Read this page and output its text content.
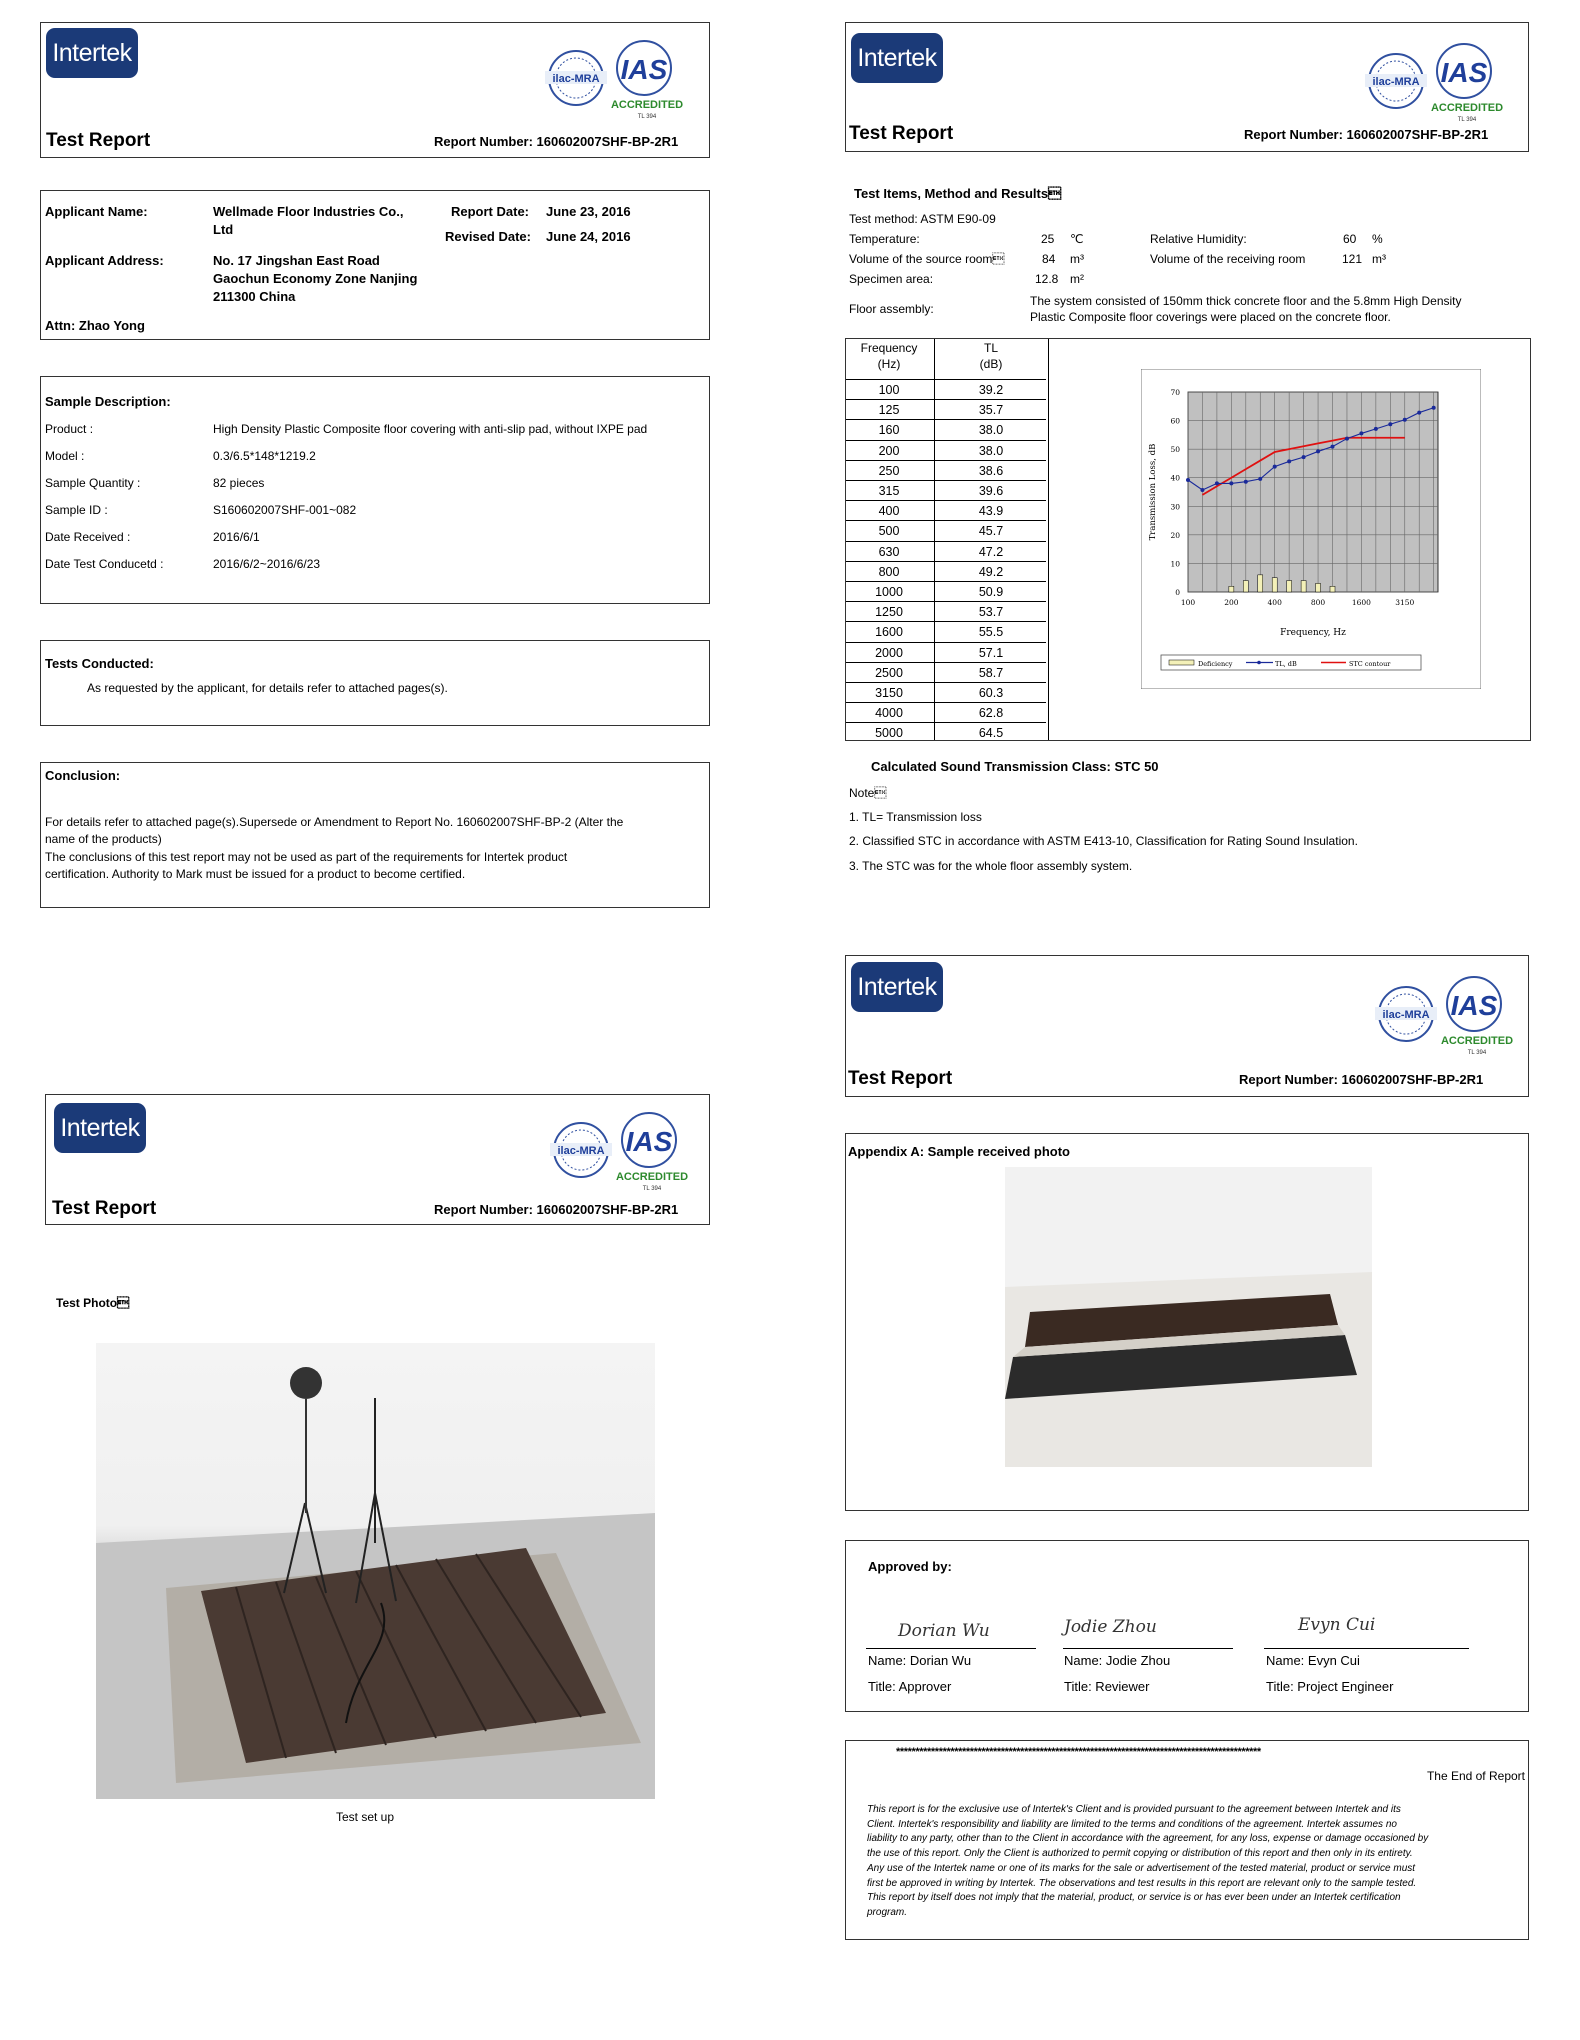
Intertek
ilac-MRA IAS
ACCREDITED
TL 394
Test Report	Report Number: 160602007SHF-BP-2R1
Applicant Name:	Wellmade Floor Industries Co.,
Ltd
Report Date: June 23, 2016
Revised Date: June 24, 2016
Applicant Address:	No. 17 Jingshan East Road
Gaochun Economy Zone Nanjing
211300 China
Attn: Zhao Yong
Sample Description:
Product :	High Density Plastic Composite floor covering with anti-slip pad, without IXPE pad
Model :	0.3/6.5*148*1219.2
Sample Quantity :	82 pieces
Sample ID :	S160602007SHF-001~082
Date Received :	2016/6/1
Date Test Conducetd :	2016/6/2~2016/6/23
Tests Conducted:
As requested by the applicant, for details refer to attached pages(s).
Conclusion:
For details refer to attached page(s).Supersede or Amendment to Report No. 160602007SHF-BP-2 (Alter the
name of the products)
The conclusions of this test report may not be used as part of the requirements for Intertek product
certification. Authority to Mark must be issued for a product to become certified.
Intertek
ilac-MRA IAS
ACCREDITED
TL 394
Test Report	Report Number: 160602007SHF-BP-2R1
Test Items, Method and Results
Test method: ASTM E90-09
Temperature:	25 ℃	Relative Humidity:	60 %
Volume of the source room	84 m³	Volume of the receiving room	121 m³
Specimen area:	12.8 m²
Floor assembly:
The system consisted of 150mm thick concrete floor and the 5.8mm High Density
Plastic Composite floor coverings were placed on the concrete floor.
Frequency
(Hz)
TL
(dB)
100	39.2
125	35.7
160	38.0
200	38.0
250	38.6
315	39.6
400	43.9
500	45.7
630	47.2
800	49.2
1000	50.9
1250	53.7
1600	55.5
2000	57.1
2500	58.7
3150	60.3
4000	62.8
5000	64.5
0
10
20
30
40
50
60
70
100	200	400	800	1600	3150
Frequency, Hz
Transmission Loss, dB
Deficiency	TL, dB	STC contour
Calculated Sound Transmission Class: STC 50
Note
1. TL= Transmission loss
2. Classified STC in accordance with ASTM E413-10, Classification for Rating Sound Insulation.
3. The STC was for the whole floor assembly system.
Intertek
ilac-MRA IAS
ACCREDITED
TL 394
Test Report	Report Number: 160602007SHF-BP-2R1
Test Photo
Test set up
Intertek
ilac-MRA IAS
ACCREDITED
TL 394
Test Report	Report Number: 160602007SHF-BP-2R1
Appendix A: Sample received photo
Approved by:
Dorian Wu
Name: Dorian Wu
Title: Approver
Jodie Zhou
Name: Jodie Zhou
Title: Reviewer
Evyn Cui
Name: Evyn Cui
Title: Project Engineer
**********************************************************************************************
The End of Report
This report is for the exclusive use of Intertek's Client and is provided pursuant to the agreement between Intertek and its
Client. Intertek's responsibility and liability are limited to the terms and conditions of the agreement. Intertek assumes no
liability to any party, other than to the Client in accordance with the agreement, for any loss, expense or damage occasioned by
the use of this report. Only the Client is authorized to permit copying or distribution of this report and then only in its entirety.
Any use of the Intertek name or one of its marks for the sale or advertisement of the tested material, product or service must
first be approved in writing by Intertek. The observations and test results in this report are relevant only to the sample tested.
This report by itself does not imply that the material, product, or service is or has ever been under an Intertek certification
program.
